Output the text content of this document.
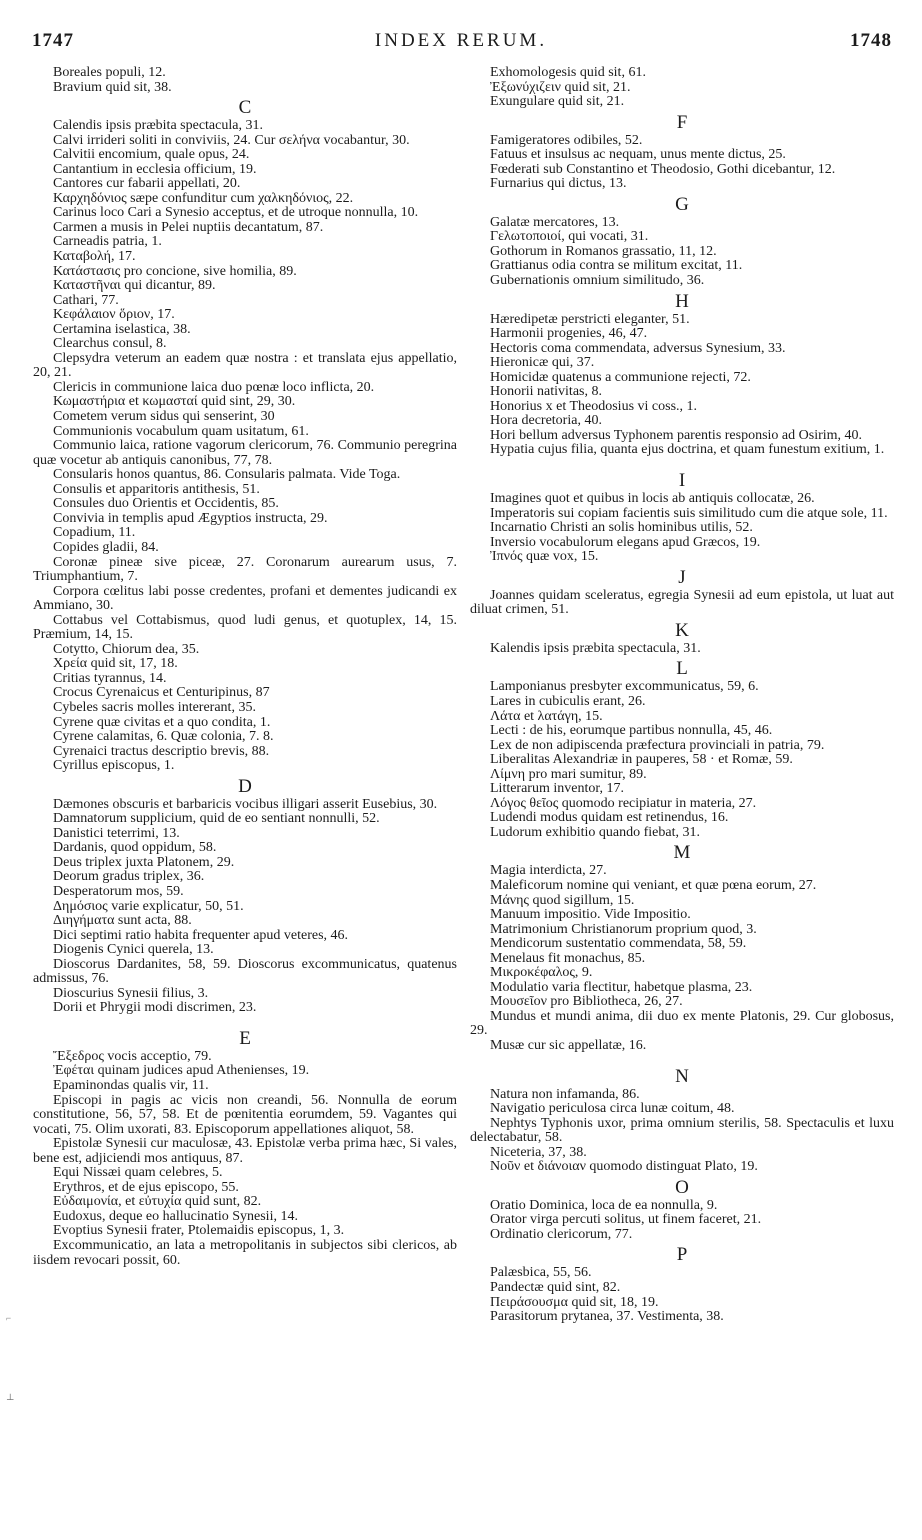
INDEX RERUM.
1747	1748

Boreales populi, 12.

Bravium quid sit, 38.

C

Calendis ipsis præbita spectacula, 31.

Calvi irrideri soliti in conviviis, 24. Cur σελήνα vocabantur, 30.

Calvitii encomium, quale opus, 24.

Cantantium in ecclesia officium, 19.

Cantores cur fabarii appellati, 20.

Καρχηδόνιος sæpe confunditur cum χαλκηδόνιος, 22.

Carinus loco Cari a Synesio acceptus, et de utroque nonnulla, 10.

Carmen a musis in Pelei nuptiis decantatum, 87.

Carneadis patria, 1.

Καταβολή, 17.

Κατάστασις pro concione, sive homilia, 89.

Καταστῆναι qui dicantur, 89.

Cathari, 77.

Κεφάλαιον ὅριον, 17.

Certamina iselastica, 38.

Clearchus consul, 8.

Clepsydra veterum an eadem quæ nostra : et translata ejus appellatio, 20, 21.

Clericis in communione laica duo pœnæ loco inflicta, 20.

Κωμαστήρια et κωμασταί quid sint, 29, 30.

Cometem verum sidus qui senserint, 30

Communionis vocabulum quam usitatum, 61.

Communio laica, ratione vagorum clericorum, 76. Communio peregrina quæ vocetur ab antiquis canonibus, 77, 78.

Consularis honos quantus, 86. Consularis palmata. Vide Toga.

Consulis et apparitoris antithesis, 51.

Consules duo Orientis et Occidentis, 85.

Convivia in templis apud Ægyptios instructa, 29.

Copadium, 11.

Copides gladii, 84.

Coronæ pineæ sive piceæ, 27. Coronarum aurearum usus, 7. Triumphantium, 7.

Corpora cœlitus labi posse credentes, profani et dementes judicandi ex Ammiano, 30.

Cottabus vel Cottabismus, quod ludi genus, et quotuplex, 14, 15. Præmium, 14, 15.

Cotytto, Chiorum dea, 35.

Χρεία quid sit, 17, 18.

Critias tyrannus, 14.

Crocus Cyrenaicus et Centuripinus, 87

Cybeles sacris molles intererant, 35.

Cyrene quæ civitas et a quo condita, 1.

Cyrene calamitas, 6. Quæ colonia, 7. 8.

Cyrenaici tractus descriptio brevis, 88.

Cyrillus episcopus, 1.

D

Dæmones obscuris et barbaricis vocibus illigari asserit Eusebius, 30.

Damnatorum supplicium, quid de eo sentiant nonnulli, 52.

Danistici teterrimi, 13.

Dardanis, quod oppidum, 58.

Deus triplex juxta Platonem, 29.

Deorum gradus triplex, 36.

Desperatorum mos, 59.

Δημόσιος varie explicatur, 50, 51.

Διηγήματα sunt acta, 88.

Dici septimi ratio habita frequenter apud veteres, 46.

Diogenis Cynici querela, 13.

Dioscorus Dardanites, 58, 59. Dioscorus excommunicatus, quatenus admissus, 76.

Dioscurius Synesii filius, 3.

Dorii et Phrygii modi discrimen, 23.

E

Ἔξεδρος vocis acceptio, 79.

Ἐφέται quinam judices apud Athenienses, 19.

Epaminondas qualis vir, 11.

Episcopi in pagis ac vicis non creandi, 56. Nonnulla de eorum constitutione, 56, 57, 58. Et de pœnitentia eorumdem, 59. Vagantes qui vocati, 75. Olim uxorati, 83. Episcoporum appellationes aliquot, 58.

Epistolæ Synesii cur maculosæ, 43. Epistolæ verba prima hæc, Si vales, bene est, adjiciendi mos antiquus, 87.

Equi Nissæi quam celebres, 5.

Erythros, et de ejus episcopo, 55.

Εὐδαιμονία, et εὐτυχία quid sunt, 82.

Eudoxus, deque eo hallucinatio Synesii, 14.

Evoptius Synesii frater, Ptolemaidis episcopus, 1, 3.

Excommunicatio, an lata a metropolitanis in subjectos sibi clericos, ab iisdem revocari possit, 60.

Exhomologesis quid sit, 61.

Ἐξωνύχιζειν quid sit, 21.

Exungulare quid sit, 21.

F

Famigeratores odibiles, 52.

Fatuus et insulsus ac nequam, unus mente dictus, 25.

Fœderati sub Constantino et Theodosio, Gothi dicebantur, 12.

Furnarius qui dictus, 13.

G

Galatæ mercatores, 13.

Γελωτοποιοί, qui vocati, 31.

Gothorum in Romanos grassatio, 11, 12.

Grattianus odia contra se militum excitat, 11.

Gubernationis omnium similitudo, 36.

H

Hæredipetæ perstricti eleganter, 51.

Harmonii progenies, 46, 47.

Hectoris coma commendata, adversus Synesium, 33.

Hieronicæ qui, 37.

Homicidæ quatenus a communione rejecti, 72.

Honorii nativitas, 8.

Honorius x et Theodosius vi coss., 1.

Hora decretoria, 40.

Hori bellum adversus Typhonem parentis responsio ad Osirim, 40.

Hypatia cujus filia, quanta ejus doctrina, et quam funestum exitium, 1.

I

Imagines quot et quibus in locis ab antiquis collocatæ, 26.

Imperatoris sui copiam facientis suis similitudo cum die atque sole, 11.

Incarnatio Christi an solis hominibus utilis, 52.

Inversio vocabulorum elegans apud Græcos, 19.

Ἰπνός quæ vox, 15.

J

Joannes quidam sceleratus, egregia Synesii ad eum epistola, ut luat aut diluat crimen, 51.

K

Kalendis ipsis præbita spectacula, 31.

L

Lamponianus presbyter excommunicatus, 59, 6.

Lares in cubiculis erant, 26.

Λάτα et λατάγη, 15.

Lecti : de his, eorumque partibus nonnulla, 45, 46.

Lex de non adipiscenda præfectura provinciali in patria, 79.

Liberalitas Alexandriæ in pauperes, 58 · et Romæ, 59.

Λίμνη pro mari sumitur, 89.

Litterarum inventor, 17.

Λόγος θεῖος quomodo recipiatur in materia, 27.

Ludendi modus quidam est retinendus, 16.

Ludorum exhibitio quando fiebat, 31.

M

Magia interdicta, 27.

Maleficorum nomine qui veniant, et quæ pœna eorum, 27.

Μάνης quod sigillum, 15.

Manuum impositio. Vide Impositio.

Matrimonium Christianorum proprium quod, 3.

Mendicorum sustentatio commendata, 58, 59.

Menelaus fit monachus, 85.

Μικροκέφαλος, 9.

Modulatio varia flectitur, habetque plasma, 23.

Μουσεῖον pro Bibliotheca, 26, 27.

Mundus et mundi anima, dii duo ex mente Platonis, 29. Cur globosus, 29.

Musæ cur sic appellatæ, 16.

N

Natura non infamanda, 86.

Navigatio periculosa circa lunæ coitum, 48.

Nephtys Typhonis uxor, prima omnium sterilis, 58. Spectaculis et luxu delectabatur, 58.

Niceteria, 37, 38.

Νοῦν et διάνοιαν quomodo distinguat Plato, 19.

O

Oratio Dominica, loca de ea nonnulla, 9.

Orator virga percuti solitus, ut finem faceret, 21.

Ordinatio clericorum, 77.

P

Palæsbica, 55, 56.

Pandectæ quid sint, 82.

Πειράσουσμα quid sit, 18, 19.

Parasitorum prytanea, 37. Vestimenta, 38.

⌐
⊥
